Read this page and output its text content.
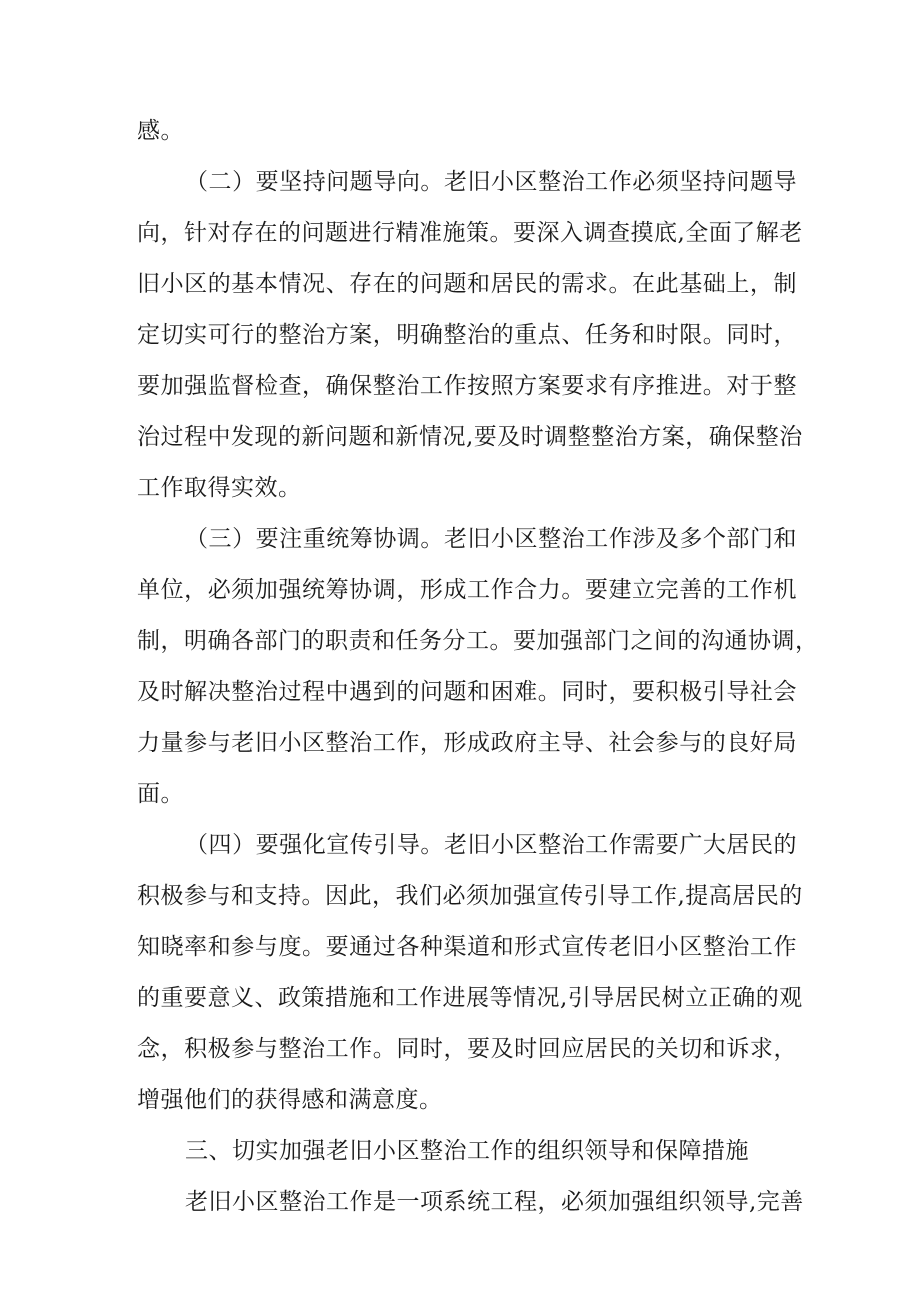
感。
（二）要坚持问题导向。老旧小区整治工作必须坚持问题导
向，针对存在的问题进行精准施策。要深入调查摸底,全面了解老
旧小区的基本情况、存在的问题和居民的需求。在此基础上，制
定切实可行的整治方案，明确整治的重点、任务和时限。同时，
要加强监督检查，确保整治工作按照方案要求有序推进。对于整
治过程中发现的新问题和新情况,要及时调整整治方案，确保整治
工作取得实效。
（三）要注重统筹协调。老旧小区整治工作涉及多个部门和
单位，必须加强统筹协调，形成工作合力。要建立完善的工作机
制，明确各部门的职责和任务分工。要加强部门之间的沟通协调，
及时解决整治过程中遇到的问题和困难。同时，要积极引导社会
力量参与老旧小区整治工作，形成政府主导、社会参与的良好局
面。
（四）要强化宣传引导。老旧小区整治工作需要广大居民的
积极参与和支持。因此，我们必须加强宣传引导工作,提高居民的
知晓率和参与度。要通过各种渠道和形式宣传老旧小区整治工作
的重要意义、政策措施和工作进展等情况,引导居民树立正确的观
念，积极参与整治工作。同时，要及时回应居民的关切和诉求，
增强他们的获得感和满意度。
三、切实加强老旧小区整治工作的组织领导和保障措施
老旧小区整治工作是一项系统工程，必须加强组织领导,完善
